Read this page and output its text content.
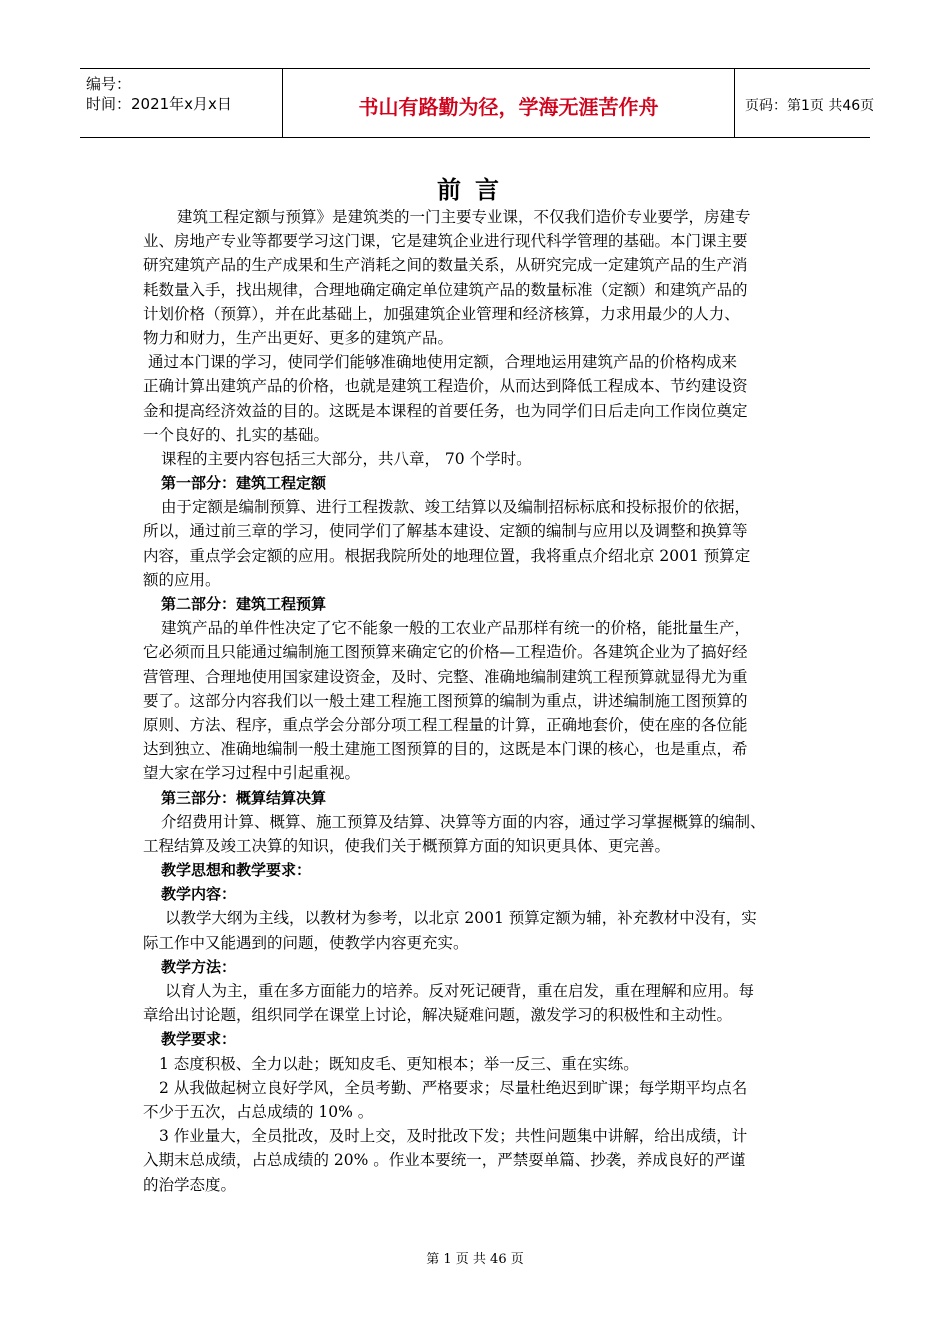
编号：
时间：2021年x月x日	书山有路勤为径，学海无涯苦作舟	页码：第1页 共46页
前言
建筑工程定额与预算》是建筑类的一门主要专业课，不仅我们造价专业要学，房建专
业、房地产专业等都要学习这门课，它是建筑企业进行现代科学管理的基础。本门课主要
研究建筑产品的生产成果和生产消耗之间的数量关系，从研究完成一定建筑产品的生产消
耗数量入手，找出规律，合理地确定确定单位建筑产品的数量标准（定额）和建筑产品的
计划价格（预算），并在此基础上，加强建筑企业管理和经济核算，力求用最少的人力、
物力和财力，生产出更好、更多的建筑产品。
通过本门课的学习，使同学们能够准确地使用定额，合理地运用建筑产品的价格构成来
正确计算出建筑产品的价格，也就是建筑工程造价，从而达到降低工程成本、节约建设资
金和提高经济效益的目的。这既是本课程的首要任务，也为同学们日后走向工作岗位奠定
一个良好的、扎实的基础。
课程的主要内容包括三大部分，共八章， 70 个学时。
第一部分：建筑工程定额
由于定额是编制预算、进行工程拨款、竣工结算以及编制招标标底和投标报价的依据，
所以，通过前三章的学习，使同学们了解基本建设、定额的编制与应用以及调整和换算等
内容，重点学会定额的应用。根据我院所处的地理位置，我将重点介绍北京 2001 预算定
额的应用。
第二部分：建筑工程预算
建筑产品的单件性决定了它不能象一般的工农业产品那样有统一的价格，能批量生产，
它必须而且只能通过编制施工图预算来确定它的价格—工程造价。各建筑企业为了搞好经
营管理、合理地使用国家建设资金，及时、完整、准确地编制建筑工程预算就显得尤为重
要了。这部分内容我们以一般土建工程施工图预算的编制为重点，讲述编制施工图预算的
原则、方法、程序，重点学会分部分项工程工程量的计算，正确地套价，使在座的各位能
达到独立、准确地编制一般土建施工图预算的目的，这既是本门课的核心，也是重点，希
望大家在学习过程中引起重视。
第三部分：概算结算决算
介绍费用计算、概算、施工预算及结算、决算等方面的内容，通过学习掌握概算的编制、
工程结算及竣工决算的知识，使我们关于概预算方面的知识更具体、更完善。
教学思想和教学要求：
教学内容：
以教学大纲为主线，以教材为参考，以北京 2001 预算定额为辅，补充教材中没有，实
际工作中又能遇到的问题，使教学内容更充实。
教学方法：
以育人为主，重在多方面能力的培养。反对死记硬背，重在启发，重在理解和应用。每
章给出讨论题，组织同学在课堂上讨论，解决疑难问题，激发学习的积极性和主动性。
教学要求：
1 态度积极、全力以赴；既知皮毛、更知根本；举一反三、重在实练。
2 从我做起树立良好学风，全员考勤、严格要求；尽量杜绝迟到旷课；每学期平均点名
不少于五次，占总成绩的 10% 。
3 作业量大，全员批改，及时上交，及时批改下发；共性问题集中讲解，给出成绩，计
入期末总成绩，占总成绩的 20% 。作业本要统一，严禁耍单篇、抄袭，养成良好的严谨
的治学态度。
第 1 页 共 46 页
